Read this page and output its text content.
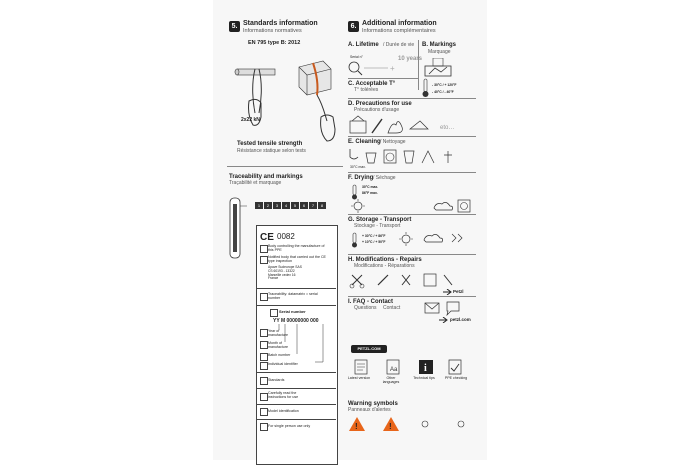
5. Standards information
Informations normatives
EN 795 type B: 2012
2x22 kN
Tested tensile strength
Résistance statique selon tests
Traceability and markings
Traçabilité et marquage
1	2	3	4	5	6	7	8
CE 0082
Body controlling the manufacture of this PPE
Notified body that carried out the CE type inspection
Apave Sudeurope SAS
CS 60193 - 13322
Marseille cedex 16
France
Traceability: datamatrix = serial number
Serial number
YY M 00000000 000
Year of manufacture
Month of manufacture
Batch number
Individual identifier
Standards
Carefully read the instructions for use
Model identification
For single person use only
6. Additional information
Informations complémentaires
A. Lifetime / Durée de vie
Serial n°
+
10 years
B. Markings
Marquage
C. Acceptable T°
T° tolérées
- 30°C / + 120°F
- 40°C / - 40°F
D. Precautions for use
Précautions d'usage
eto…
E. Cleaning / Nettoyage
30°C max.
F. Drying / Séchage
30°C max.
86°F max.
G. Storage - Transport
Stockage - Transport
+ 30°C / + 86°F
+ 10°C / + 50°F
H. Modifications - Repairs
Modifications - Réparations
Petzl
I. FAQ - Contact
Questions Contact
petzl.com
PETZL.COM
Aa	i
Latest version	Other languages
Technical tips	PPE checking
Warning symbols
Panneaux d'alertes
!	!
